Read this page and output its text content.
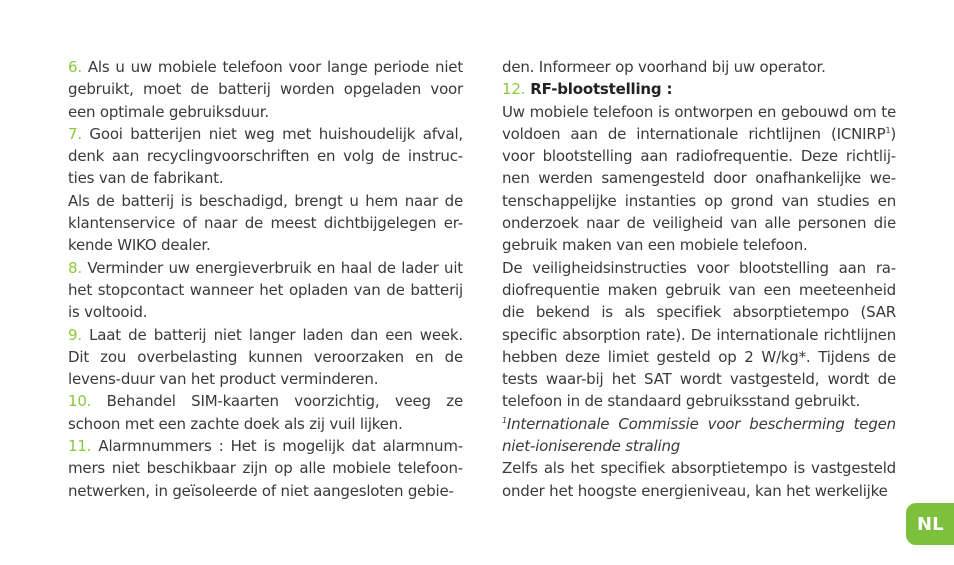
6. Als u uw mobiele telefoon voor lange periode niet gebruikt, moet de batterij worden opgeladen voor een optimale gebruiksduur.

7. Gooi batterijen niet weg met huishoudelijk afval, denk aan recyclingvoorschriften en volg de instruc-ties van de fabrikant.

Als de batterij is beschadigd, brengt u hem naar de klantenservice of naar de meest dichtbijgelegen er-kende WIKO dealer.

8. Verminder uw energieverbruik en haal de lader uit het stopcontact wanneer het opladen van de batterij is voltooid.

9. Laat de batterij niet langer laden dan een week. Dit zou overbelasting kunnen veroorzaken en de levens-duur van het product verminderen.

10. Behandel SIM-kaarten voorzichtig, veeg ze schoon met een zachte doek als zij vuil lijken.

11. Alarmnummers : Het is mogelijk dat alarmnum-mers niet beschikbaar zijn op alle mobiele telefoon-netwerken, in geïsoleerde of niet aangesloten gebie-

den. Informeer op voorhand bij uw operator.

12. RF-blootstelling :

Uw mobiele telefoon is ontworpen en gebouwd om te voldoen aan de internationale richtlijnen (ICNIRP$^1$) voor blootstelling aan radiofrequentie. Deze richtlij-nen werden samengesteld door onafhankelijke we-tenschappelijke instanties op grond van studies en onderzoek naar de veiligheid van alle personen die gebruik maken van een mobiele telefoon.

De veiligheidsinstructies voor blootstelling aan ra-diofrequentie maken gebruik van een meeteenheid die bekend is als specifiek absorptietempo (SAR specific absorption rate). De internationale richtlijnen hebben deze limiet gesteld op 2 W/kg*. Tijdens de tests waar-bij het SAT wordt vastgesteld, wordt de telefoon in de standaard gebruiksstand gebruikt.

$^1$Internationale Commissie voor bescherming tegen niet-ioniserende straling

Zelfs als het specifiek absorptietempo is vastgesteld onder het hoogste energieniveau, kan het werkelijke

NL
